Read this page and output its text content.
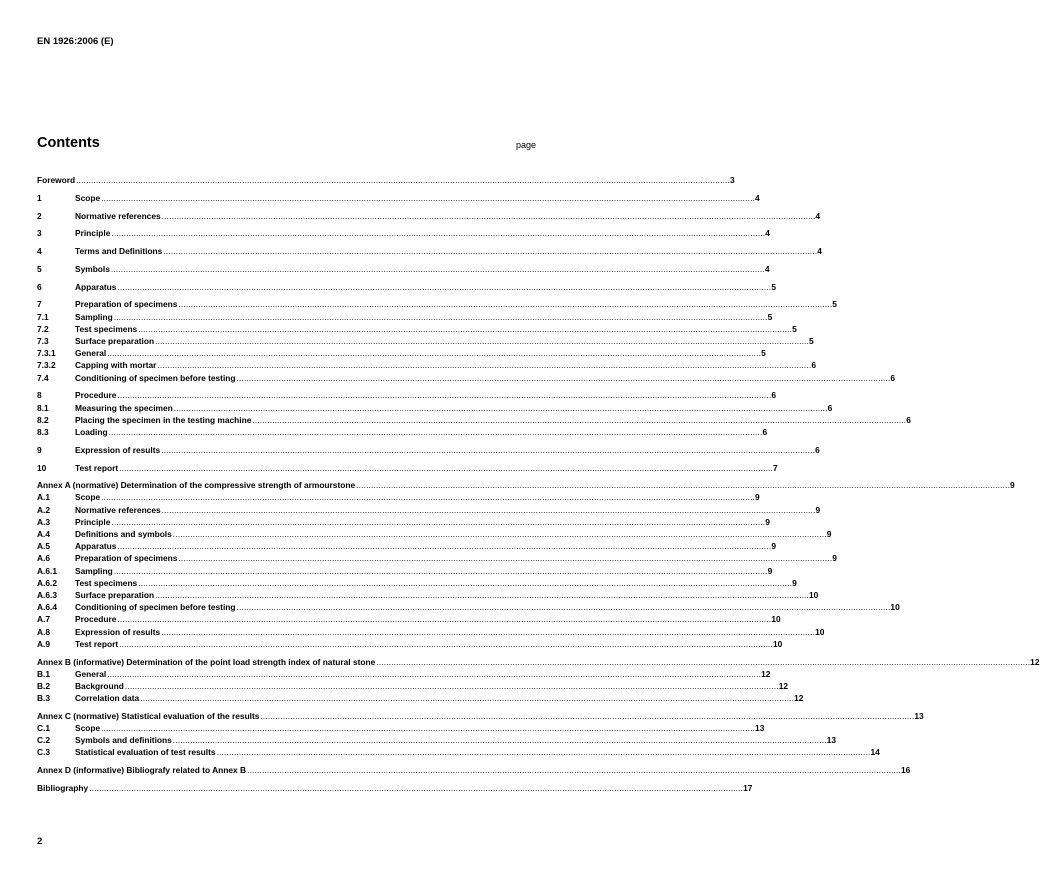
EN 1926:2006 (E)
Contents	page
Foreword .....	3
1	Scope .....	4
2	Normative references .....	4
3	Principle .....	4
4	Terms and Definitions .....	4
5	Symbols .....	4
6	Apparatus .....	5
7	Preparation of specimens .....	5
7.1	Sampling .....	5
7.2	Test specimens .....	5
7.3	Surface preparation .....	5
7.3.1	General .....	5
7.3.2	Capping with mortar .....	6
7.4	Conditioning of specimen before testing .....	6
8	Procedure .....	6
8.1	Measuring the specimen .....	6
8.2	Placing the specimen in the testing machine .....	6
8.3	Loading .....	6
9	Expression of results .....	6
10	Test report .....	7
Annex A (normative) Determination of the compressive strength of armourstone .....	9
A.1	Scope .....	9
A.2	Normative references .....	9
A.3	Principle .....	9
A.4	Definitions and symbols .....	9
A.5	Apparatus .....	9
A.6	Preparation of specimens .....	9
A.6.1	Sampling .....	9
A.6.2	Test specimens .....	9
A.6.3	Surface preparation .....	10
A.6.4	Conditioning of specimen before testing .....	10
A.7	Procedure .....	10
A.8	Expression of results .....	10
A.9	Test report .....	10
Annex B (informative) Determination of the point load strength index of natural stone .....	12
B.1	General .....	12
B.2	Background .....	12
B.3	Correlation data .....	12
Annex C (normative) Statistical evaluation of the results .....	13
C.1	Scope .....	13
C.2	Symbols and definitions .....	13
C.3	Statistical evaluation of test results .....	14
Annex D (informative) Bibliografy related to Annex B .....	16
Bibliography .....	17
2
